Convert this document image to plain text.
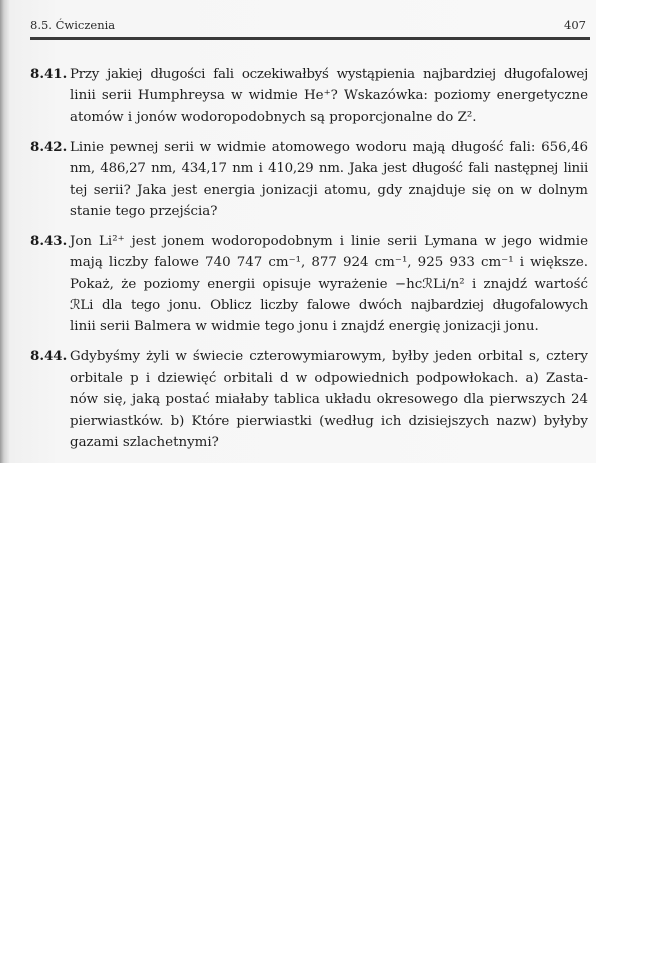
8.5. Ćwiczenia	407
8.41. Przy jakiej długości fali oczekiwałbyś wystąpienia najbardziej długofalowej
linii serii Humphreysa w widmie He⁺? Wskazówka: poziomy energetyczne
atomów i jonów wodoropodobnych są proporcjonalne do Z².
8.42. Linie pewnej serii w widmie atomowego wodoru mają długość fali: 656,46
nm, 486,27 nm, 434,17 nm i 410,29 nm. Jaka jest długość fali następnej linii
tej serii? Jaka jest energia jonizacji atomu, gdy znajduje się on w dolnym
stanie tego przejścia?
8.43. Jon Li²⁺ jest jonem wodoropodobnym i linie serii Lymana w jego widmie
mają liczby falowe 740 747 cm⁻¹, 877 924 cm⁻¹, 925 933 cm⁻¹ i większe.
Pokaż, że poziomy energii opisuje wyrażenie −hcℛLi/n² i znajdź wartość
ℛLi dla tego jonu. Oblicz liczby falowe dwóch najbardziej długofalowych
linii serii Balmera w widmie tego jonu i znajdź energię jonizacji jonu.
8.44. Gdybyśmy żyli w świecie czterowymiarowym, byłby jeden orbital s, cztery
orbitale p i dziewięć orbitali d w odpowiednich podpowłokach. a) Zasta-
nów się, jaką postać miałaby tablica układu okresowego dla pierwszych 24
pierwiastków. b) Które pierwiastki (według ich dzisiejszych nazw) byłyby
gazami szlachetnymi?
